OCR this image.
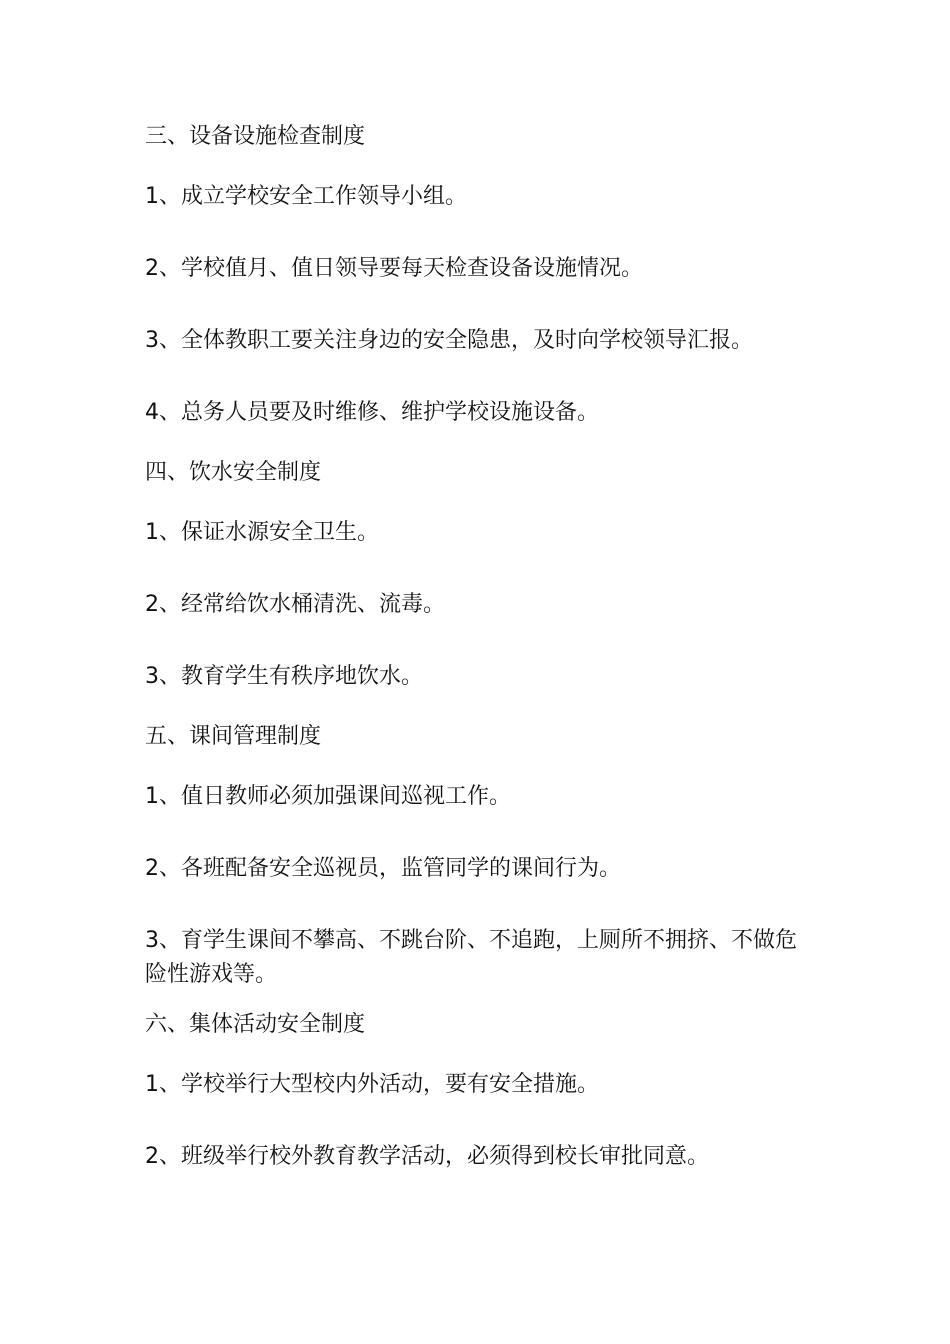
三、设备设施检查制度
1、成立学校安全工作领导小组。
2、学校值月、值日领导要每天检查设备设施情况。
3、全体教职工要关注身边的安全隐患，及时向学校领导汇报。
4、总务人员要及时维修、维护学校设施设备。
四、饮水安全制度
1、保证水源安全卫生。
2、经常给饮水桶清洗、流毒。
3、教育学生有秩序地饮水。
五、课间管理制度
1、值日教师必须加强课间巡视工作。
2、各班配备安全巡视员，监管同学的课间行为。
3、育学生课间不攀高、不跳台阶、不追跑，上厕所不拥挤、不做危险性游戏等。
六、集体活动安全制度
1、学校举行大型校内外活动，要有安全措施。
2、班级举行校外教育教学活动，必须得到校长审批同意。
